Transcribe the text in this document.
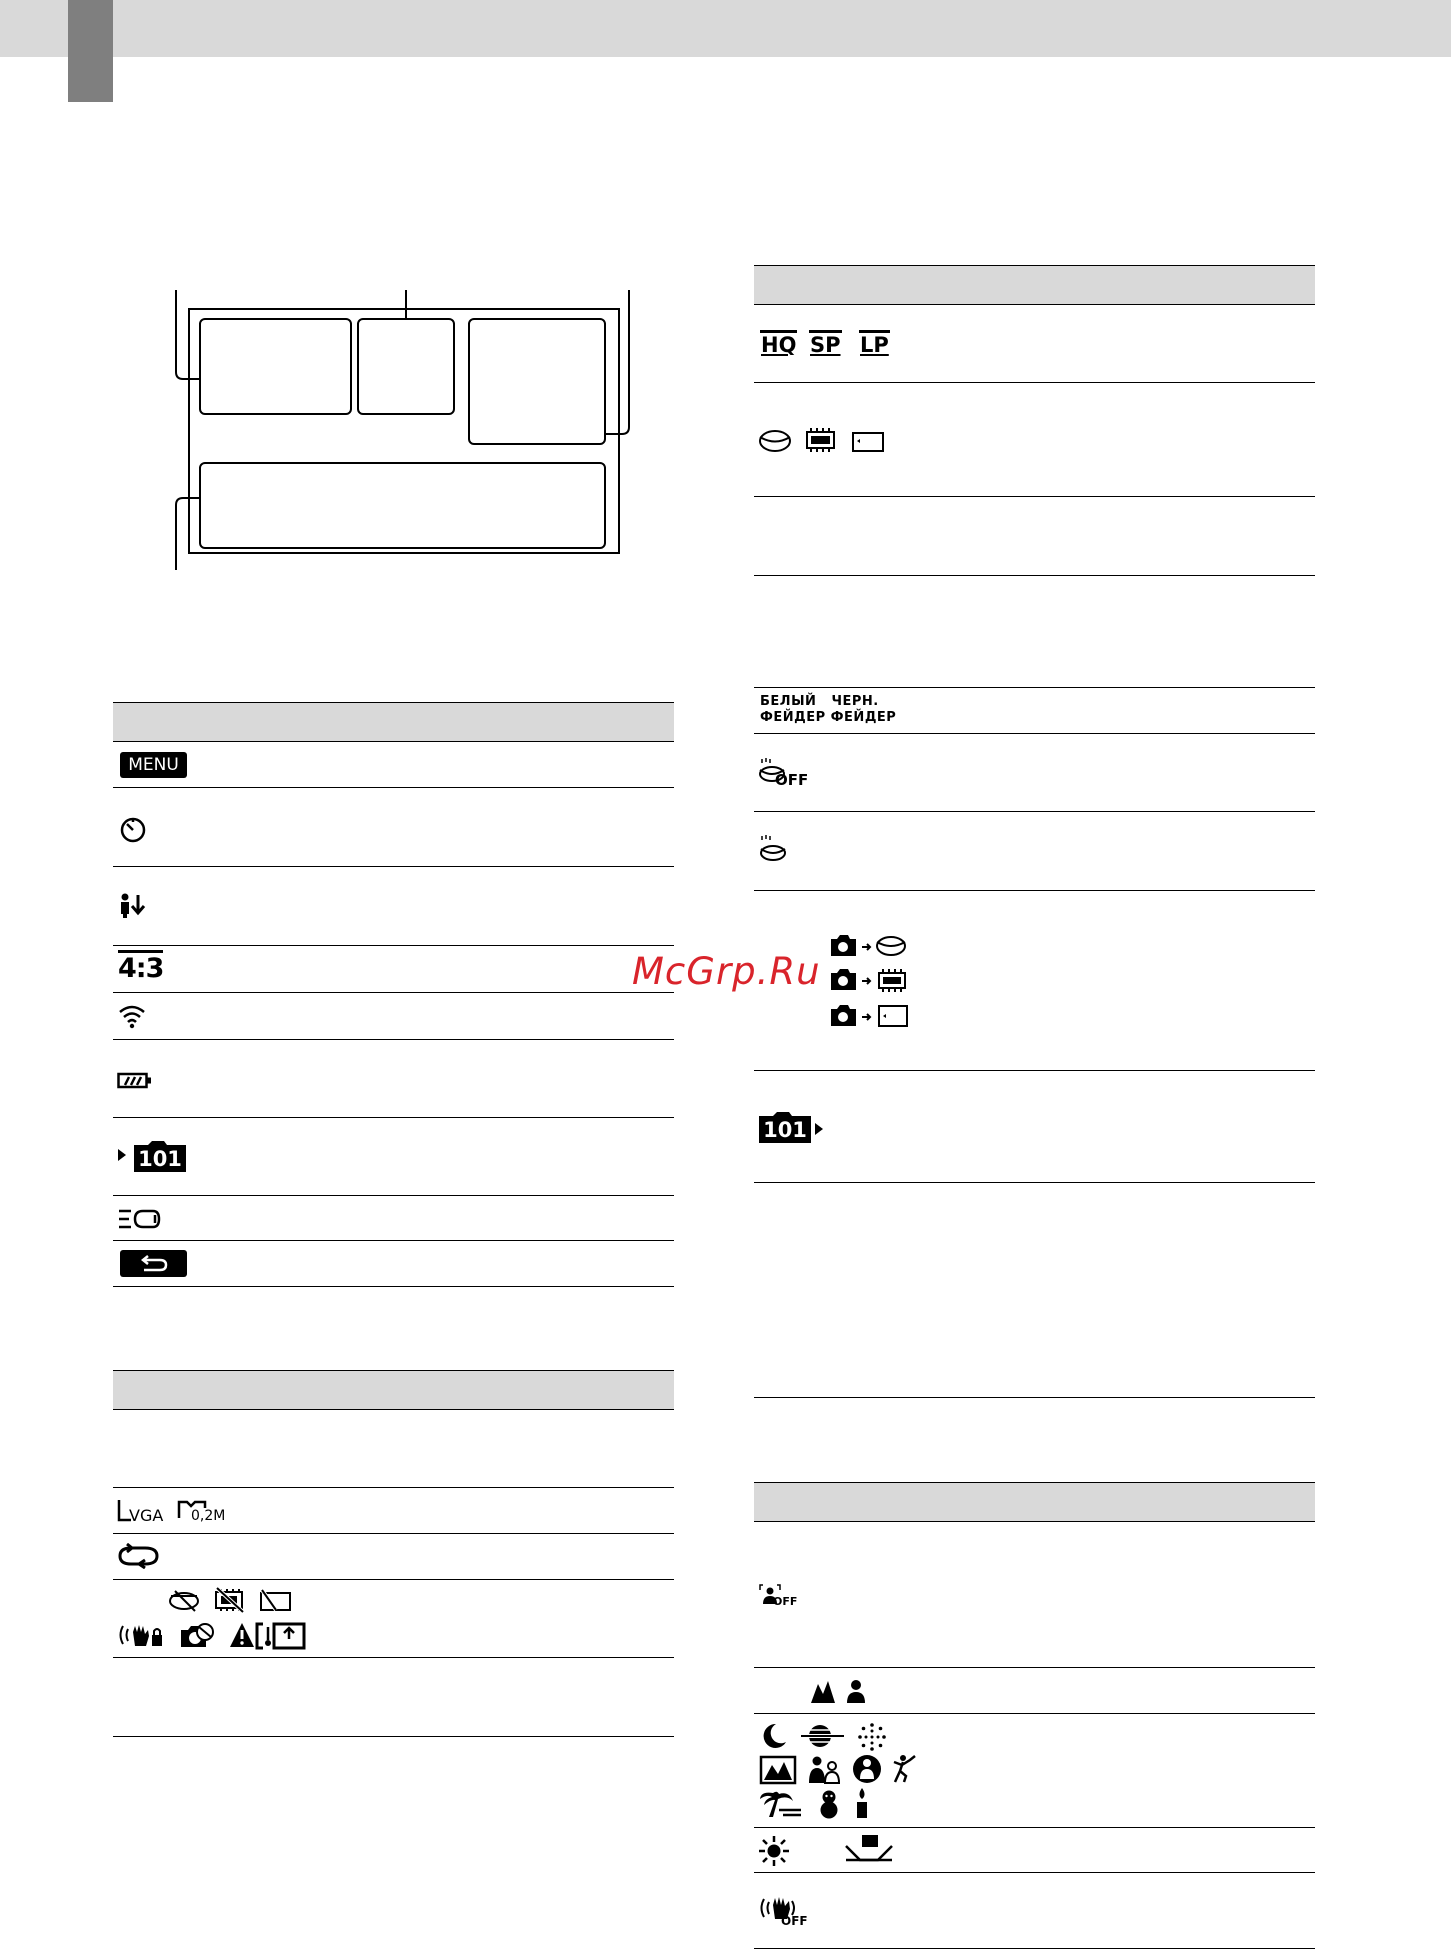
MENU
4:3
101
VGA 0,2M
McGrp.Ru
HQ SP LP
БЕЛЫЙ   ЧЕРН.
ФЕЙДЕР ФЕЙДЕР
OFF
101
OFF
OFF
